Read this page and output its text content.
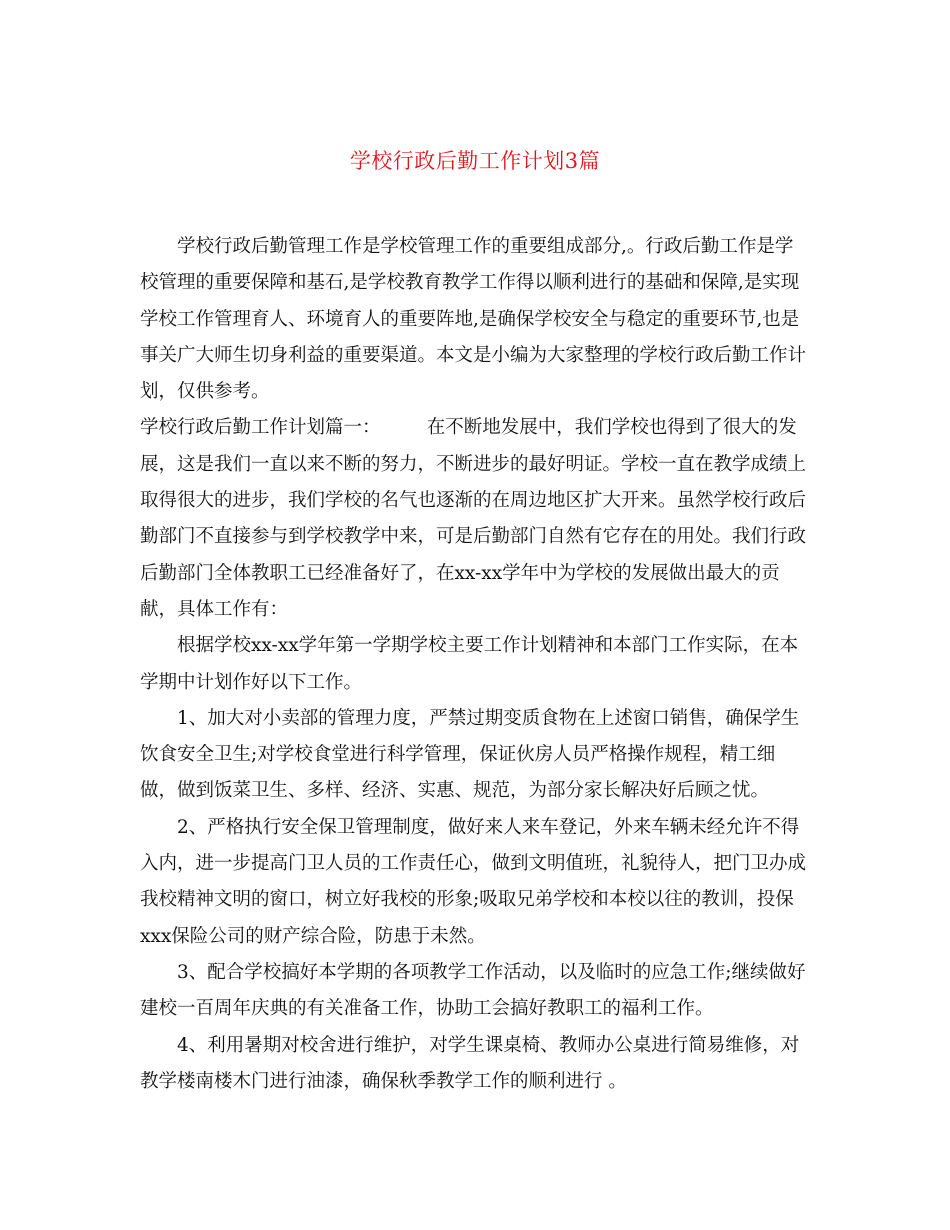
学校行政后勤工作计划3篇
学校行政后勤管理工作是学校管理工作的重要组成部分,。行政后勤工作是学
校管理的重要保障和基石,是学校教育教学工作得以顺利进行的基础和保障,是实现
学校工作管理育人、环境育人的重要阵地,是确保学校安全与稳定的重要环节,也是
事关广大师生切身利益的重要渠道。本文是小编为大家整理的学校行政后勤工作计
划，仅供参考。
学校行政后勤工作计划篇一：　　　在不断地发展中，我们学校也得到了很大的发
展，这是我们一直以来不断的努力，不断进步的最好明证。学校一直在教学成绩上
取得很大的进步，我们学校的名气也逐渐的在周边地区扩大开来。虽然学校行政后
勤部门不直接参与到学校教学中来，可是后勤部门自然有它存在的用处。我们行政
后勤部门全体教职工已经准备好了，在xx-xx学年中为学校的发展做出最大的贡
献，具体工作有：
根据学校xx-xx学年第一学期学校主要工作计划精神和本部门工作实际，在本
学期中计划作好以下工作。
1、加大对小卖部的管理力度，严禁过期变质食物在上述窗口销售，确保学生
饮食安全卫生;对学校食堂进行科学管理，保证伙房人员严格操作规程，精工细
做，做到饭菜卫生、多样、经济、实惠、规范，为部分家长解决好后顾之忧。
2、严格执行安全保卫管理制度，做好来人来车登记，外来车辆未经允许不得
入内，进一步提高门卫人员的工作责任心，做到文明值班，礼貌待人，把门卫办成
我校精神文明的窗口，树立好我校的形象;吸取兄弟学校和本校以往的教训，投保
xxx保险公司的财产综合险，防患于未然。
3、配合学校搞好本学期的各项教学工作活动，以及临时的应急工作;继续做好
建校一百周年庆典的有关准备工作，协助工会搞好教职工的福利工作。
4、利用暑期对校舍进行维护，对学生课桌椅、教师办公桌进行简易维修，对
教学楼南楼木门进行油漆，确保秋季教学工作的顺利进行 。
